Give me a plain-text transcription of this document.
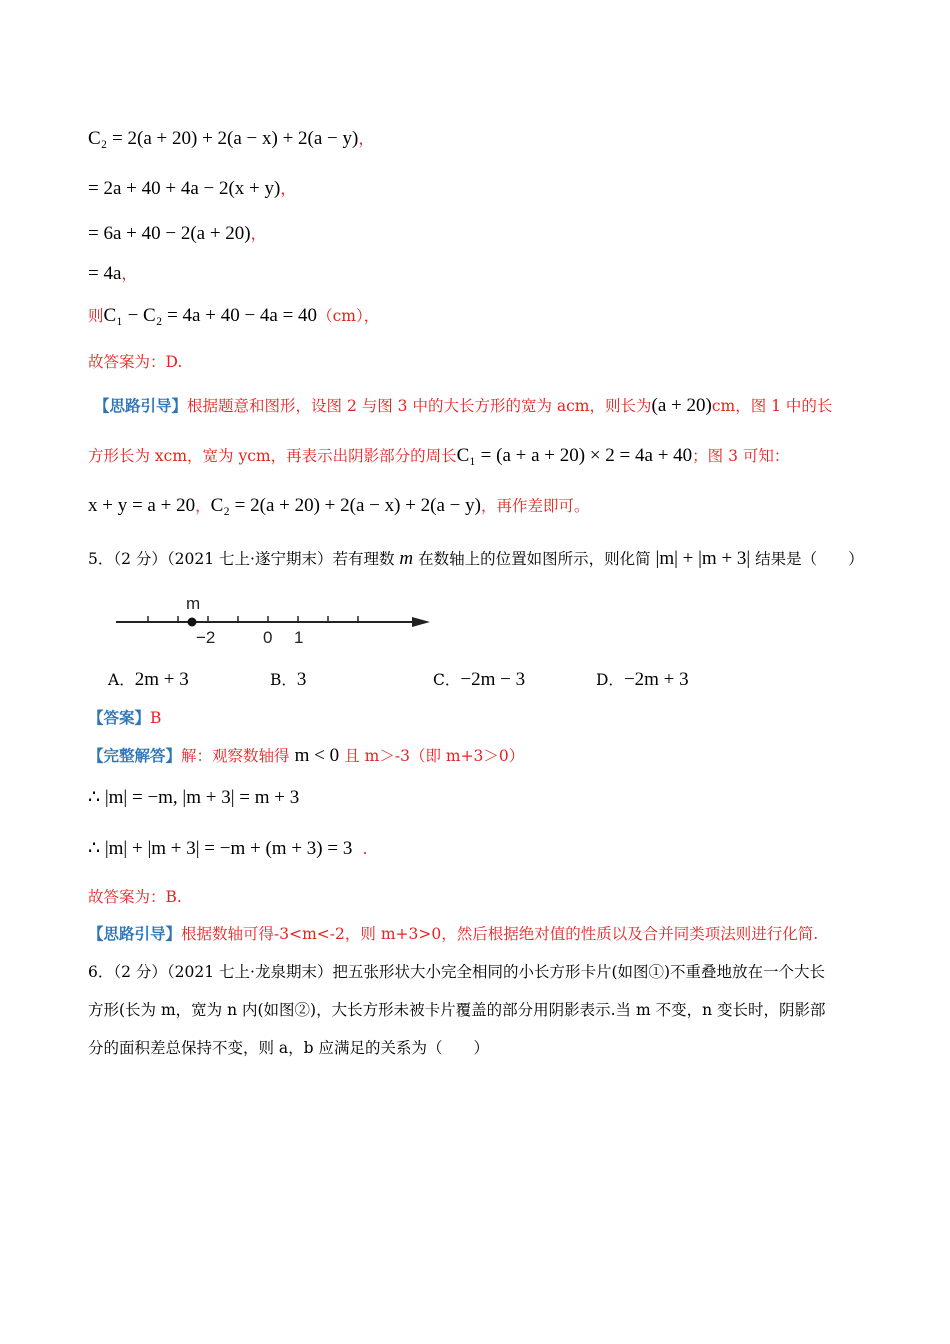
C₂ = 2(a + 20) + 2(a − x) + 2(a − y)，
= 2a + 40 + 4a − 2(x + y)，
= 6a + 40 − 2(a + 20)，
= 4a，
则C₁ − C₂ = 4a + 40 − 4a = 40（cm），
故答案为：D.
【思路引导】根据题意和图形，设图 2 与图 3 中的大长方形的宽为 acm，则长为(a + 20)cm，图 1 中的长
方形长为 xcm，宽为 ycm，再表示出阴影部分的周长C₁ = (a + a + 20) × 2 = 4a + 40；图 3 可知：
x + y = a + 20，C₂ = 2(a + 20) + 2(a − x) + 2(a − y)，再作差即可。
5．（2 分）（2021 七上·遂宁期末）若有理数 m 在数轴上的位置如图所示，则化简 |m| + |m + 3| 结果是（　　）
m
−2	0 1
A．2m + 3	B．3	C．−2m − 3	D．−2m + 3
【答案】B
【完整解答】解：观察数轴得 m < 0 且 m＞-3（即 m+3＞0）
∴ |m| = −m, |m + 3| = m + 3
∴ |m| + |m + 3| = −m + (m + 3) = 3 .
故答案为：B.
【思路引导】根据数轴可得-3<m<-2，则 m+3>0，然后根据绝对值的性质以及合并同类项法则进行化简.
6．（2 分）（2021 七上·龙泉期末）把五张形状大小完全相同的小长方形卡片(如图①)不重叠地放在一个大长
方形(长为 m，宽为 n 内(如图②)，大长方形未被卡片覆盖的部分用阴影表示.当 m 不变，n 变长时，阴影部
分的面积差总保持不变，则 a，b 应满足的关系为（　　）
